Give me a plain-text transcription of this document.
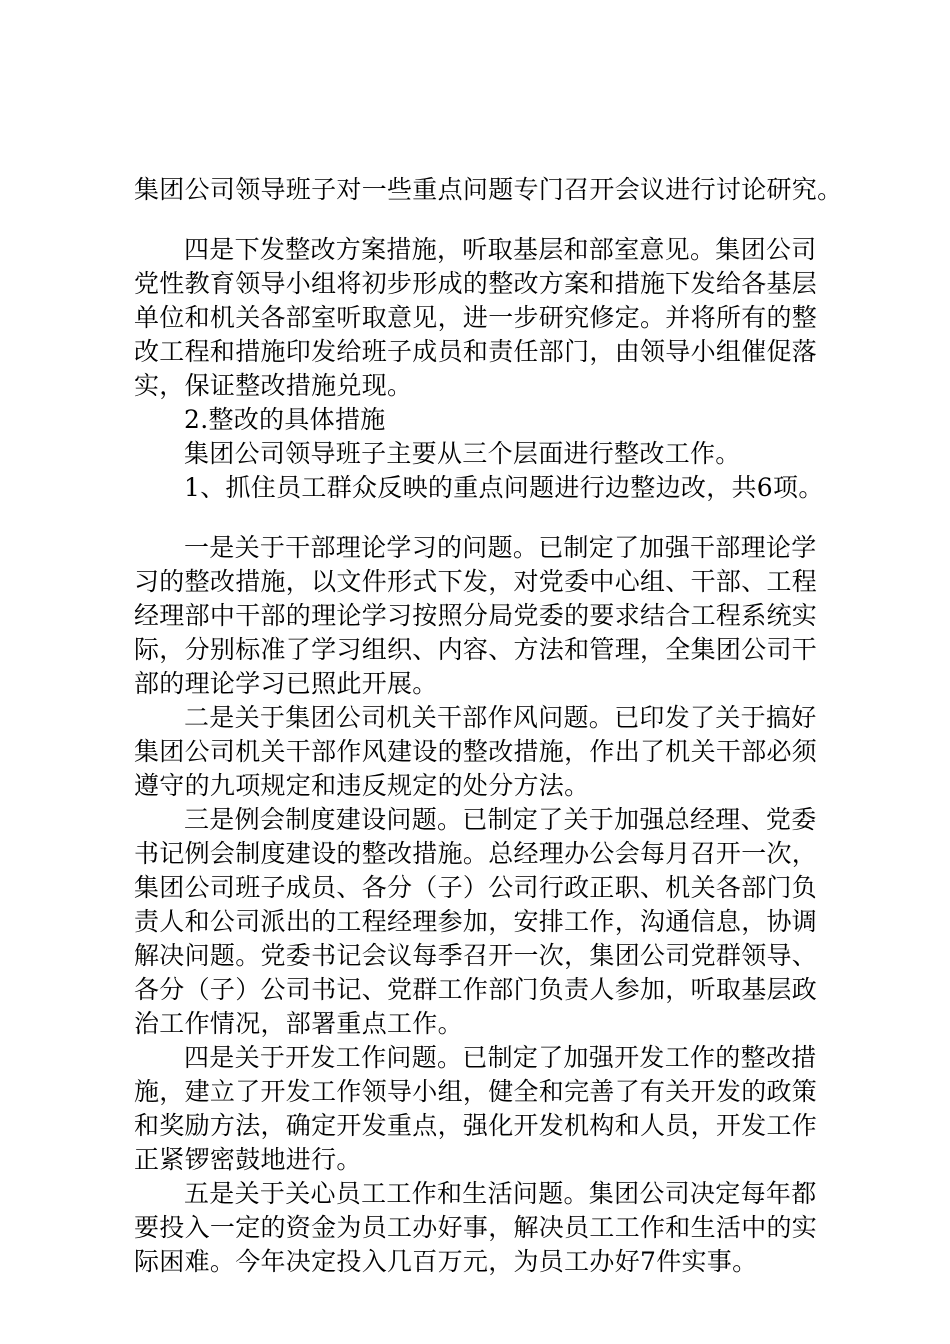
集团公司领导班子对一些重点问题专门召开会议进行讨论研究。
四是下发整改方案措施，听取基层和部室意见。集团公司
党性教育领导小组将初步形成的整改方案和措施下发给各基层
单位和机关各部室听取意见，进一步研究修定。并将所有的整
改工程和措施印发给班子成员和责任部门，由领导小组催促落
实，保证整改措施兑现。
2.整改的具体措施
集团公司领导班子主要从三个层面进行整改工作。
1、抓住员工群众反映的重点问题进行边整边改，共6项。
一是关于干部理论学习的问题。已制定了加强干部理论学
习的整改措施，以文件形式下发，对党委中心组、干部、工程
经理部中干部的理论学习按照分局党委的要求结合工程系统实
际，分别标准了学习组织、内容、方法和管理，全集团公司干
部的理论学习已照此开展。
二是关于集团公司机关干部作风问题。已印发了关于搞好
集团公司机关干部作风建设的整改措施，作出了机关干部必须
遵守的九项规定和违反规定的处分方法。
三是例会制度建设问题。已制定了关于加强总经理、党委
书记例会制度建设的整改措施。总经理办公会每月召开一次，
集团公司班子成员、各分（子）公司行政正职、机关各部门负
责人和公司派出的工程经理参加，安排工作，沟通信息，协调
解决问题。党委书记会议每季召开一次，集团公司党群领导、
各分（子）公司书记、党群工作部门负责人参加，听取基层政
治工作情况，部署重点工作。
四是关于开发工作问题。已制定了加强开发工作的整改措
施，建立了开发工作领导小组，健全和完善了有关开发的政策
和奖励方法，确定开发重点，强化开发机构和人员，开发工作
正紧锣密鼓地进行。
五是关于关心员工工作和生活问题。集团公司决定每年都
要投入一定的资金为员工办好事，解决员工工作和生活中的实
际困难。今年决定投入几百万元，为员工办好7件实事。
